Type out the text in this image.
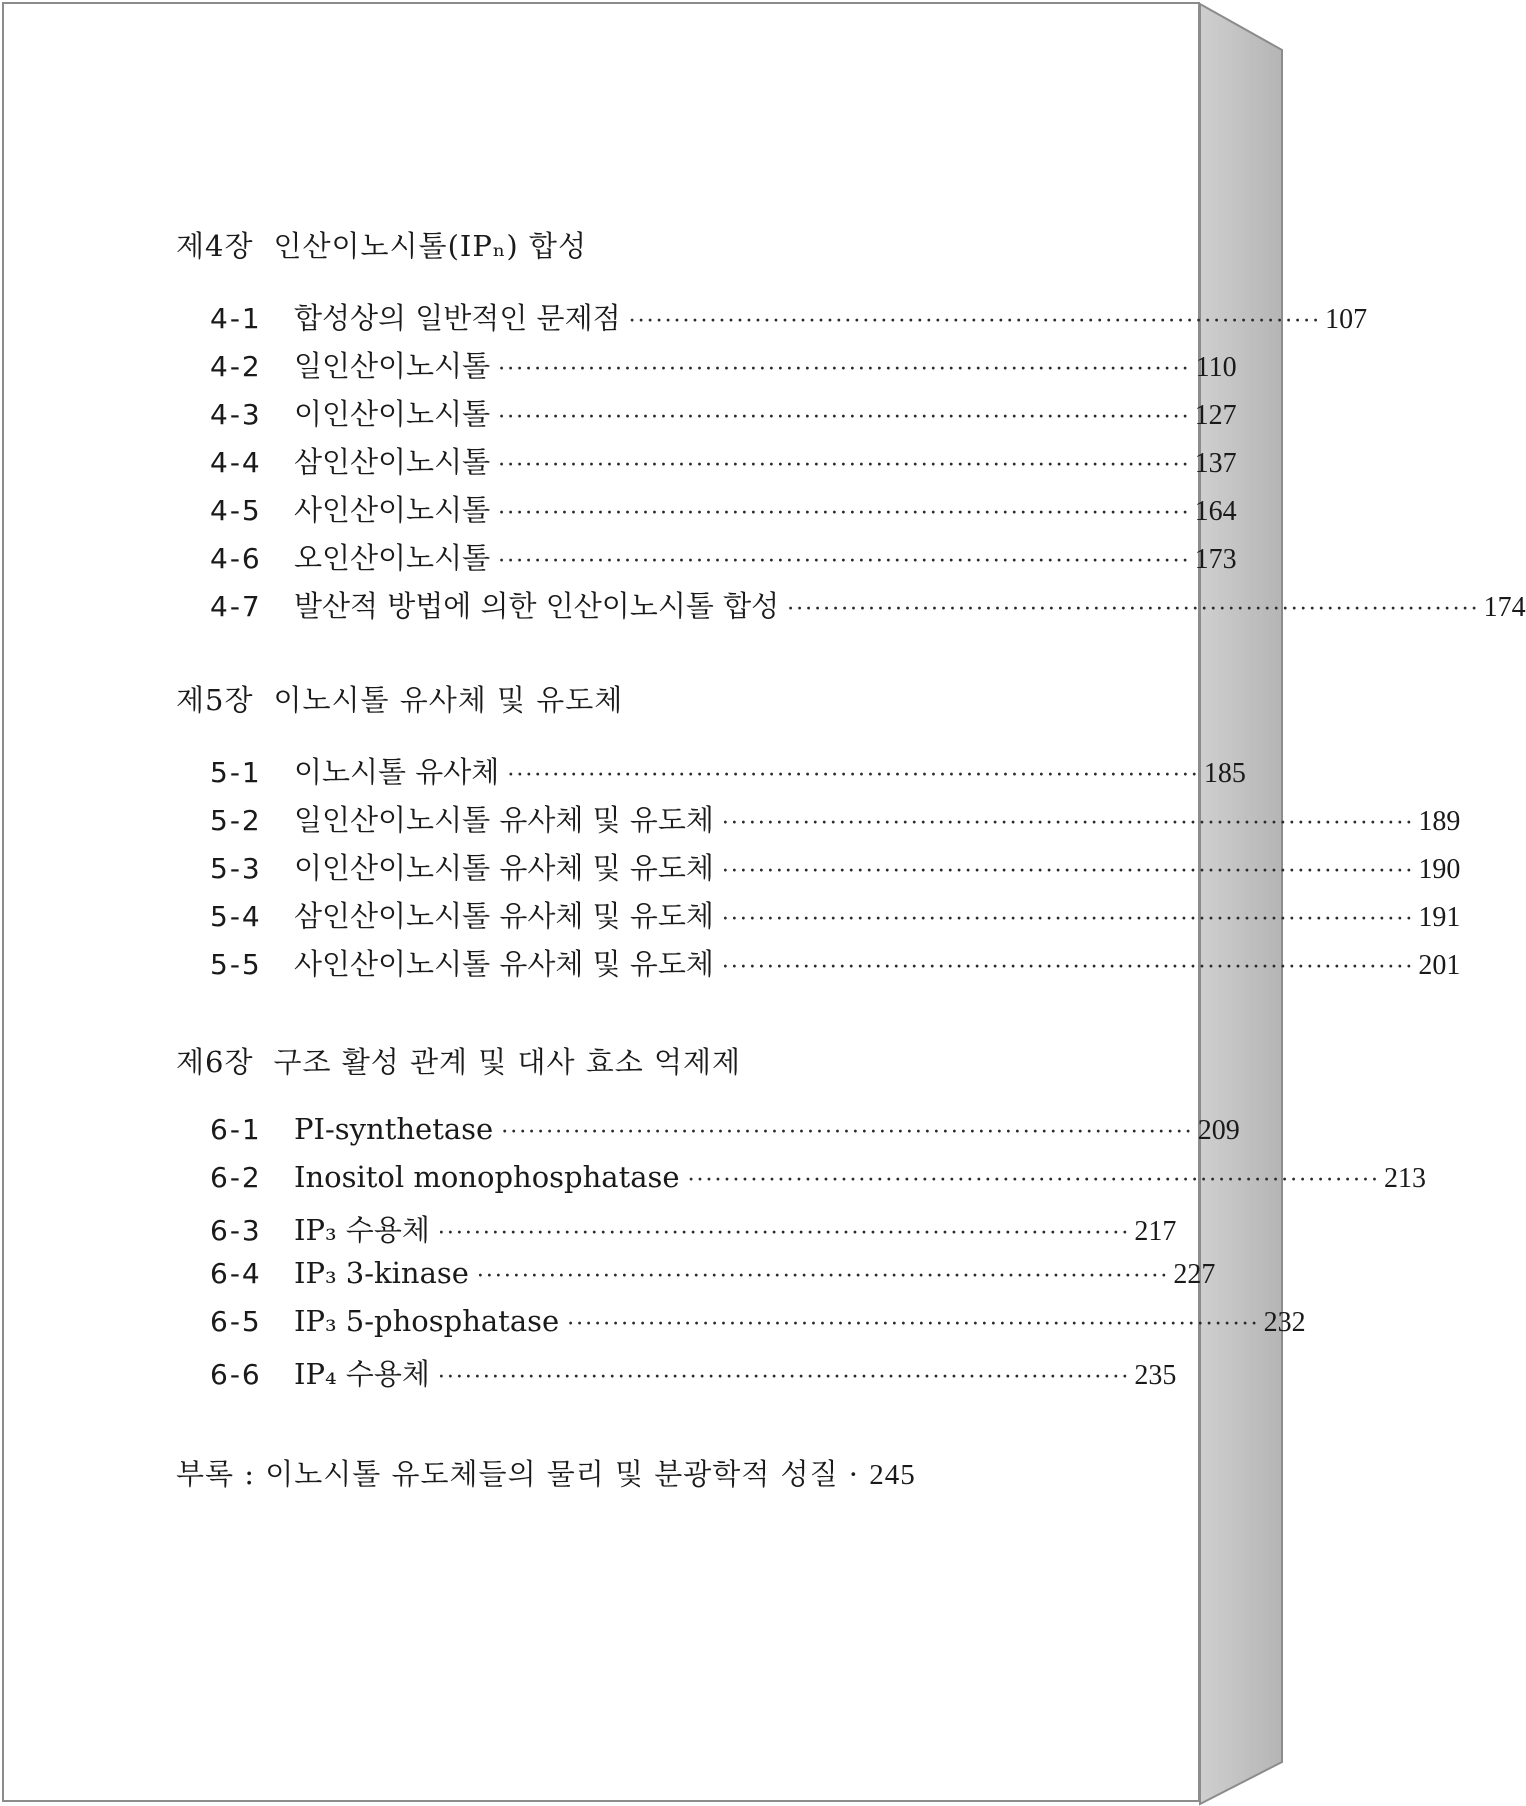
제4장 인산이노시톨(IPₙ) 합성
4-1	합성상의 일반적인 문제점 ············································································· 107
4-2	일인산이노시톨 ············································································· 110
4-3	이인산이노시톨 ············································································· 127
4-4	삼인산이노시톨 ············································································· 137
4-5	사인산이노시톨 ············································································· 164
4-6	오인산이노시톨 ············································································· 173
4-7	발산적 방법에 의한 인산이노시톨 합성 ············································································· 174
제5장 이노시톨 유사체 및 유도체
5-1	이노시톨 유사체 ············································································· 185
5-2	일인산이노시톨 유사체 및 유도체 ············································································· 189
5-3	이인산이노시톨 유사체 및 유도체 ············································································· 190
5-4	삼인산이노시톨 유사체 및 유도체 ············································································· 191
5-5	사인산이노시톨 유사체 및 유도체 ············································································· 201
제6장 구조 활성 관계 및 대사 효소 억제제
6-1	PI-synthetase ············································································· 209
6-2	Inositol monophosphatase ············································································· 213
6-3	IP₃ 수용체 ············································································· 217
6-4	IP₃ 3-kinase ············································································· 227
6-5	IP₃ 5-phosphatase ············································································· 232
6-6	IP₄ 수용체 ············································································· 235
부록 : 이노시톨 유도체들의 물리 및 분광학적 성질 · 245
